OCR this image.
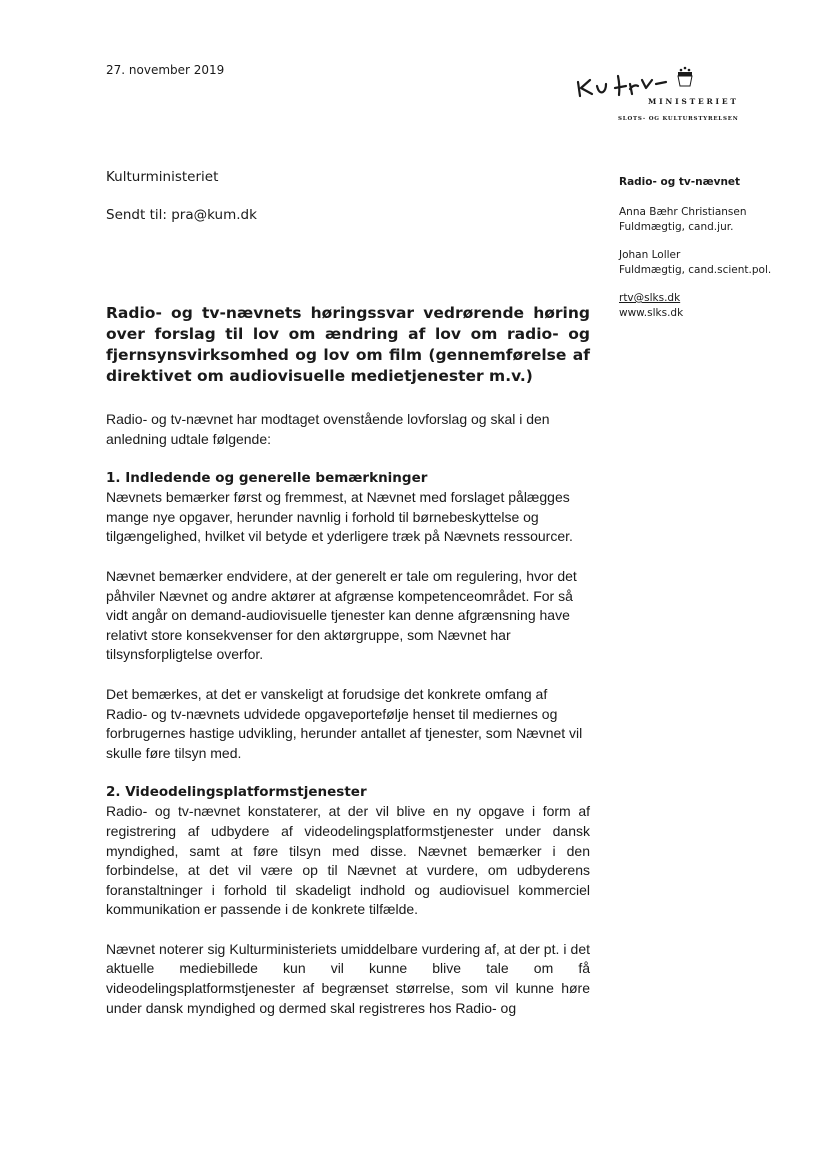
27. november 2019
MINISTERIET
SLOTS- OG KULTURSTYRELSEN
Kulturministeriet
Sendt til: pra@kum.dk
Radio- og tv-nævnet
Anna Bæhr Christiansen
Fuldmægtig, cand.jur.
Johan Loller
Fuldmægtig, cand.scient.pol.
rtv@slks.dk
www.slks.dk
Radio- og tv-nævnets høringssvar vedrørende høring over forslag til lov om ændring af lov om radio- og fjernsynsvirksomhed og lov om film (gennemførelse af direktivet om audiovisuelle medietjenester m.v.)

Radio- og tv-nævnet har modtaget ovenstående lovforslag og skal i den anledning udtale følgende:

1. Indledende og generelle bemærkninger

Nævnets bemærker først og fremmest, at Nævnet med forslaget pålægges mange nye opgaver, herunder navnlig i forhold til børnebeskyttelse og tilgængelighed, hvilket vil betyde et yderligere træk på Nævnets ressourcer.

Nævnet bemærker endvidere, at der generelt er tale om regulering, hvor det påhviler Nævnet og andre aktører at afgrænse kompetenceområdet. For så vidt angår on demand-audiovisuelle tjenester kan denne afgrænsning have relativt store konsekvenser for den aktørgruppe, som Nævnet har tilsynsforpligtelse overfor.

Det bemærkes, at det er vanskeligt at forudsige det konkrete omfang af Radio- og tv-nævnets udvidede opgaveportefølje henset til mediernes og forbrugernes hastige udvikling, herunder antallet af tjenester, som Nævnet vil skulle føre tilsyn med.

2. Videodelingsplatformstjenester

Radio- og tv-nævnet konstaterer, at der vil blive en ny opgave i form af registrering af udbydere af videodelingsplatformstjenester under dansk myndighed, samt at føre tilsyn med disse. Nævnet bemærker i den forbindelse, at det vil være op til Nævnet at vurdere, om udbyderens foranstaltninger i forhold til skadeligt indhold og audiovisuel kommerciel kommunikation er passende i de konkrete tilfælde.

Nævnet noterer sig Kulturministeriets umiddelbare vurdering af, at der pt. i det aktuelle mediebillede kun vil kunne blive tale om få videodelingsplatformstjenester af begrænset størrelse, som vil kunne høre under dansk myndighed og dermed skal registreres hos Radio- og
